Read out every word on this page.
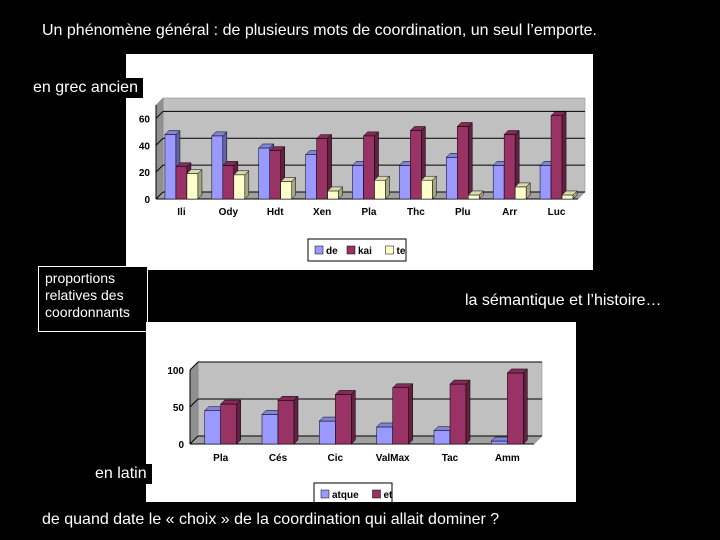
Un phénomène général : de plusieurs mots de coordination, un seul l’emporte.
0
20
40
60
Ili	Ody	Hdt	Xen	Pla	Thc	Plu	Arr	Luc
de kai te
en grec ancien
proportions
relatives des
coordonnants
la sémantique et l’histoire…
0
50
100
Pla	Cés	Cic	ValMax	Tac	Amm
atque et
en latin
de quand date le « choix » de la coordination qui allait dominer ?
